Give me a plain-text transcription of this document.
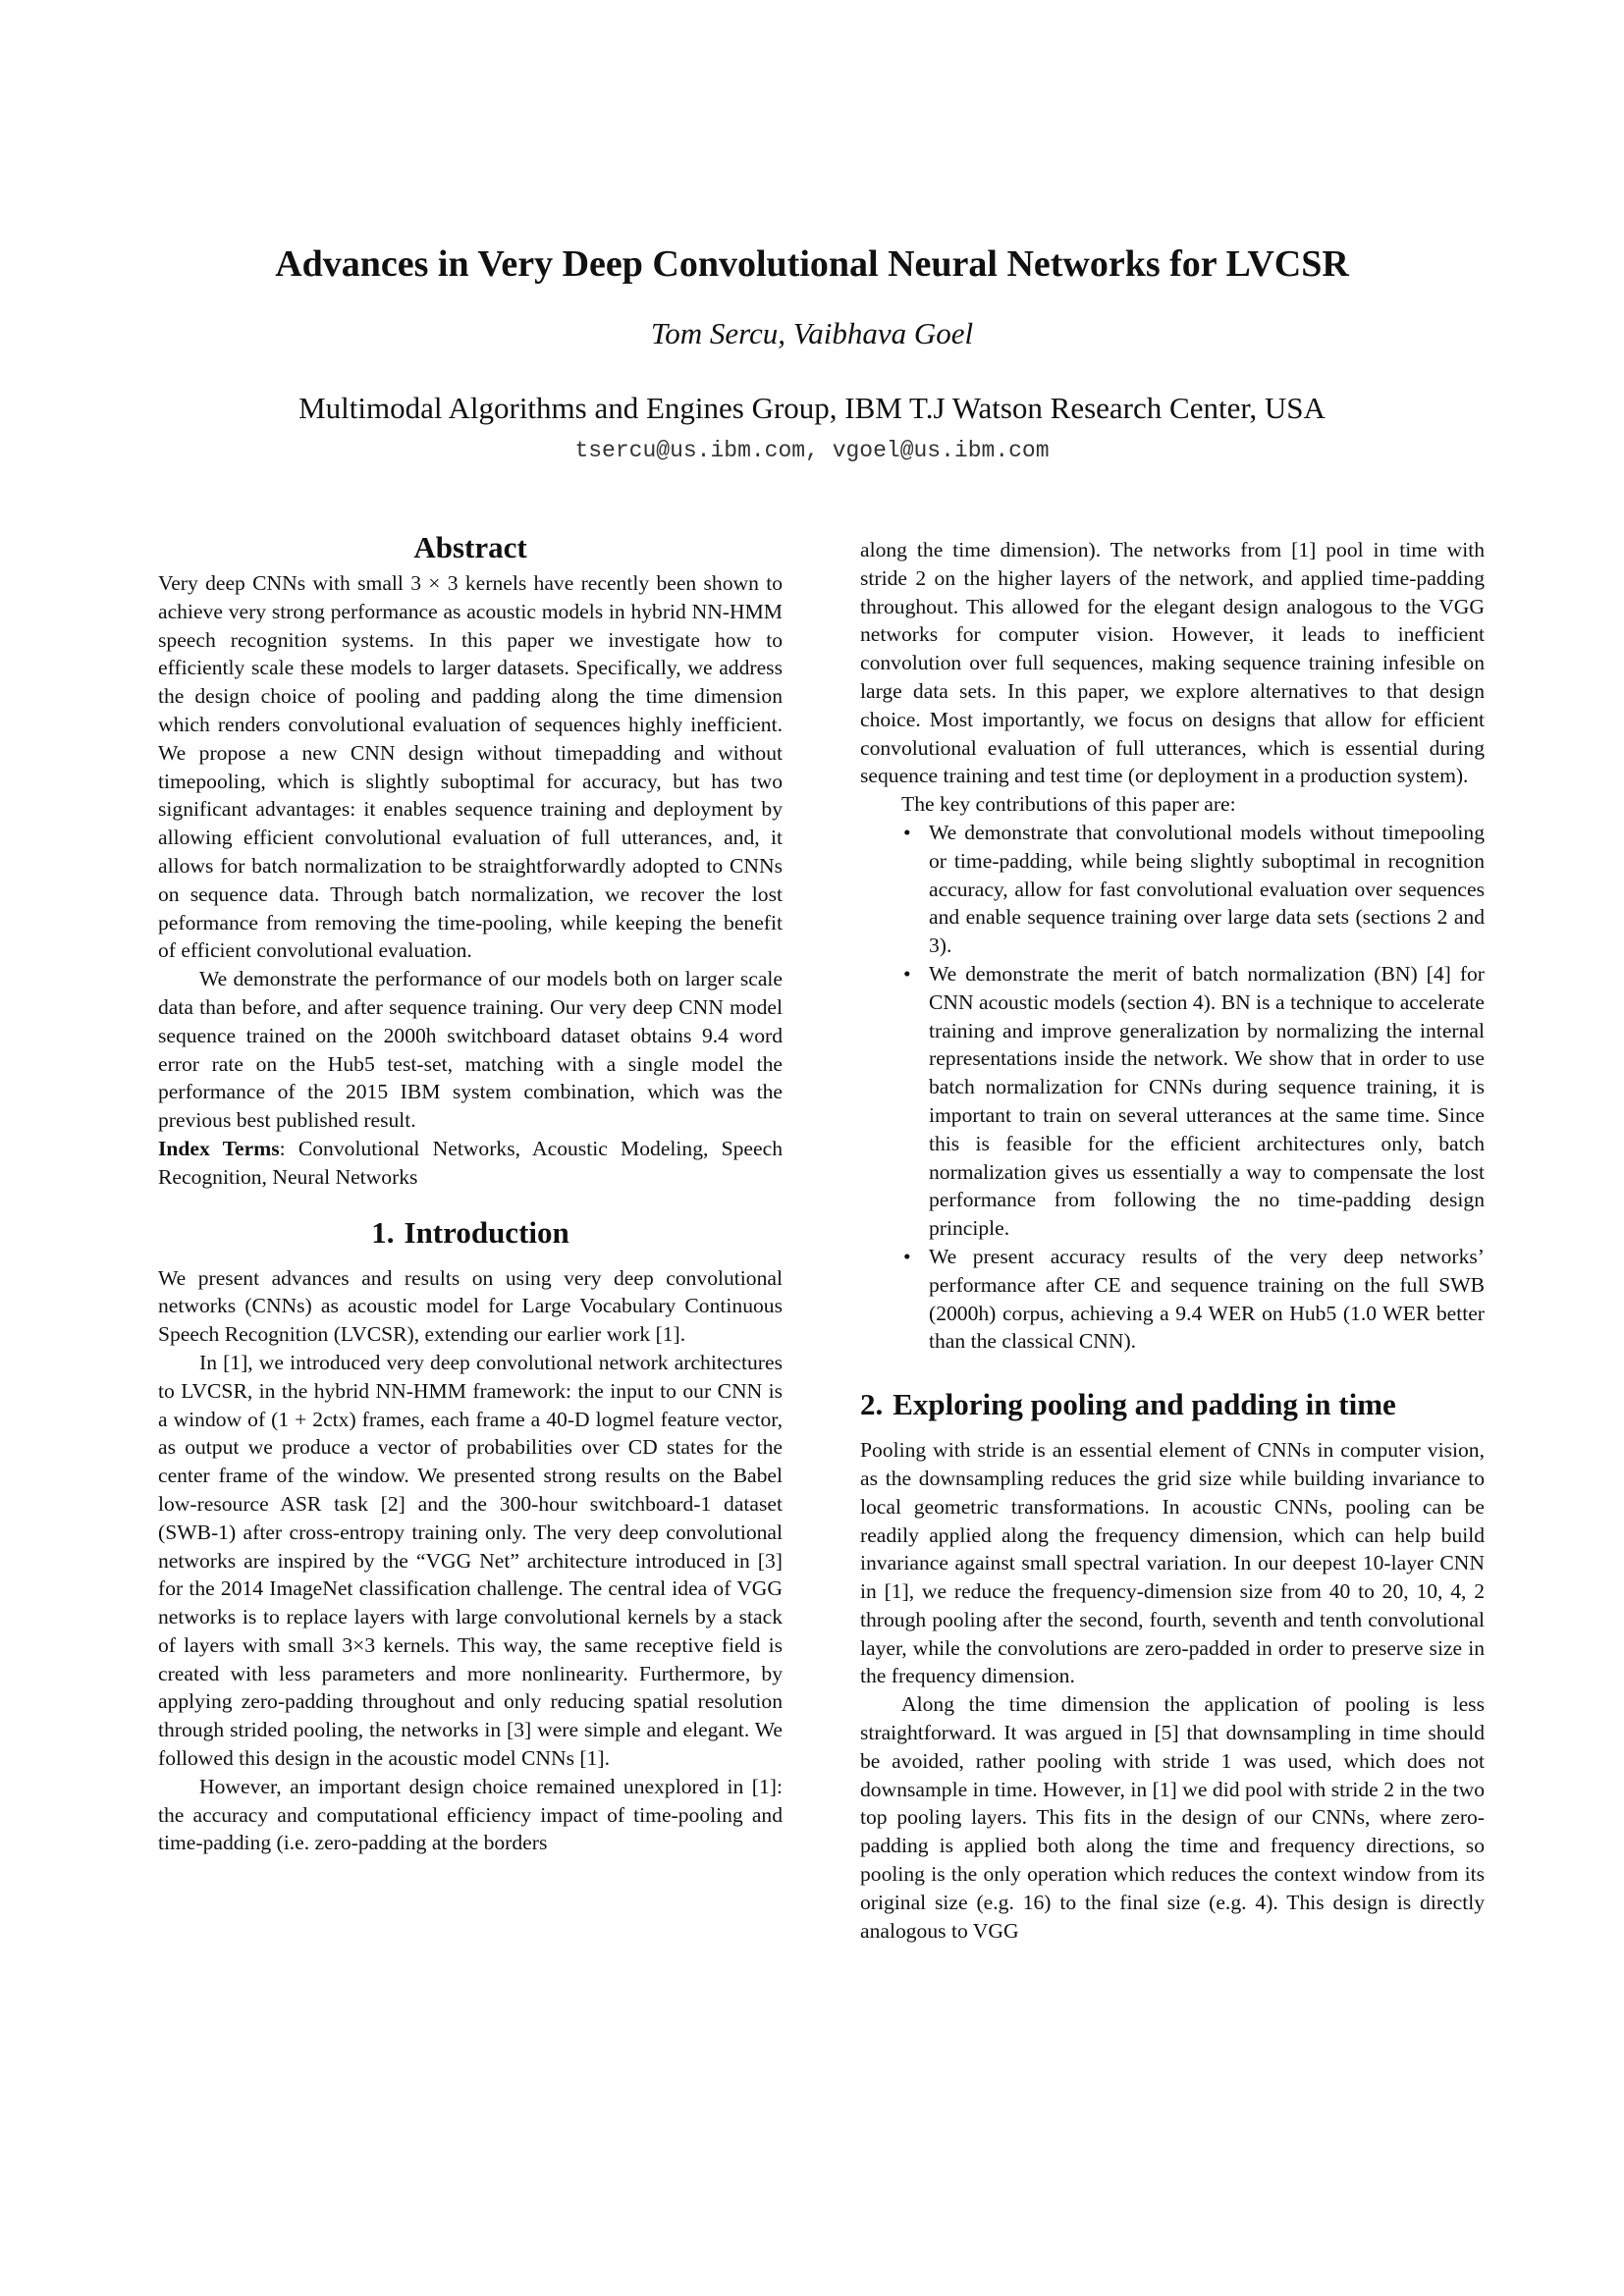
Advances in Very Deep Convolutional Neural Networks for LVCSR
Tom Sercu, Vaibhava Goel
Multimodal Algorithms and Engines Group, IBM T.J Watson Research Center, USA
tsercu@us.ibm.com, vgoel@us.ibm.com
Abstract

Very deep CNNs with small 3 × 3 kernels have recently been shown to achieve very strong performance as acoustic models in hybrid NN-HMM speech recognition systems. In this paper we investigate how to efficiently scale these models to larger datasets. Specifically, we address the design choice of pooling and padding along the time dimension which renders convolutional evaluation of sequences highly inefficient. We propose a new CNN design without timepadding and without timepooling, which is slightly suboptimal for accuracy, but has two significant advantages: it enables sequence training and deployment by allowing efficient convolutional evaluation of full utterances, and, it allows for batch normalization to be straightforwardly adopted to CNNs on sequence data. Through batch normalization, we recover the lost peformance from removing the time-pooling, while keeping the benefit of efficient convolutional evaluation.

We demonstrate the performance of our models both on larger scale data than before, and after sequence training. Our very deep CNN model sequence trained on the 2000h switchboard dataset obtains 9.4 word error rate on the Hub5 test-set, matching with a single model the performance of the 2015 IBM system combination, which was the previous best published result.

Index Terms: Convolutional Networks, Acoustic Modeling, Speech Recognition, Neural Networks

1. Introduction

We present advances and results on using very deep convolutional networks (CNNs) as acoustic model for Large Vocabulary Continuous Speech Recognition (LVCSR), extending our earlier work [1].

In [1], we introduced very deep convolutional network architectures to LVCSR, in the hybrid NN-HMM framework: the input to our CNN is a window of (1 + 2ctx) frames, each frame a 40-D logmel feature vector, as output we produce a vector of probabilities over CD states for the center frame of the window. We presented strong results on the Babel low-resource ASR task [2] and the 300-hour switchboard-1 dataset (SWB-1) after cross-entropy training only. The very deep convolutional networks are inspired by the “VGG Net” architecture introduced in [3] for the 2014 ImageNet classification challenge. The central idea of VGG networks is to replace layers with large convolutional kernels by a stack of layers with small 3×3 kernels. This way, the same receptive field is created with less parameters and more nonlinearity. Furthermore, by applying zero-padding throughout and only reducing spatial resolution through strided pooling, the networks in [3] were simple and elegant. We followed this design in the acoustic model CNNs [1].

However, an important design choice remained unexplored in [1]: the accuracy and computational efficiency impact of time-pooling and time-padding (i.e. zero-padding at the borders

along the time dimension). The networks from [1] pool in time with stride 2 on the higher layers of the network, and applied time-padding throughout. This allowed for the elegant design analogous to the VGG networks for computer vision. However, it leads to inefficient convolution over full sequences, making sequence training infesible on large data sets. In this paper, we explore alternatives to that design choice. Most importantly, we focus on designs that allow for efficient convolutional evaluation of full utterances, which is essential during sequence training and test time (or deployment in a production system).

The key contributions of this paper are:

• We demonstrate that convolutional models without timepooling or time-padding, while being slightly suboptimal in recognition accuracy, allow for fast convolutional evaluation over sequences and enable sequence training over large data sets (sections 2 and 3).
• We demonstrate the merit of batch normalization (BN) [4] for CNN acoustic models (section 4). BN is a technique to accelerate training and improve generalization by normalizing the internal representations inside the network. We show that in order to use batch normalization for CNNs during sequence training, it is important to train on several utterances at the same time. Since this is feasible for the efficient architectures only, batch normalization gives us essentially a way to compensate the lost performance from following the no time-padding design principle.
• We present accuracy results of the very deep networks’ performance after CE and sequence training on the full SWB (2000h) corpus, achieving a 9.4 WER on Hub5 (1.0 WER better than the classical CNN).
2. Exploring pooling and padding in time

Pooling with stride is an essential element of CNNs in computer vision, as the downsampling reduces the grid size while building invariance to local geometric transformations. In acoustic CNNs, pooling can be readily applied along the frequency dimension, which can help build invariance against small spectral variation. In our deepest 10-layer CNN in [1], we reduce the frequency-dimension size from 40 to 20, 10, 4, 2 through pooling after the second, fourth, seventh and tenth convolutional layer, while the convolutions are zero-padded in order to preserve size in the frequency dimension.

Along the time dimension the application of pooling is less straightforward. It was argued in [5] that downsampling in time should be avoided, rather pooling with stride 1 was used, which does not downsample in time. However, in [1] we did pool with stride 2 in the two top pooling layers. This fits in the design of our CNNs, where zero-padding is applied both along the time and frequency directions, so pooling is the only operation which reduces the context window from its original size (e.g. 16) to the final size (e.g. 4). This design is directly analogous to VGG
